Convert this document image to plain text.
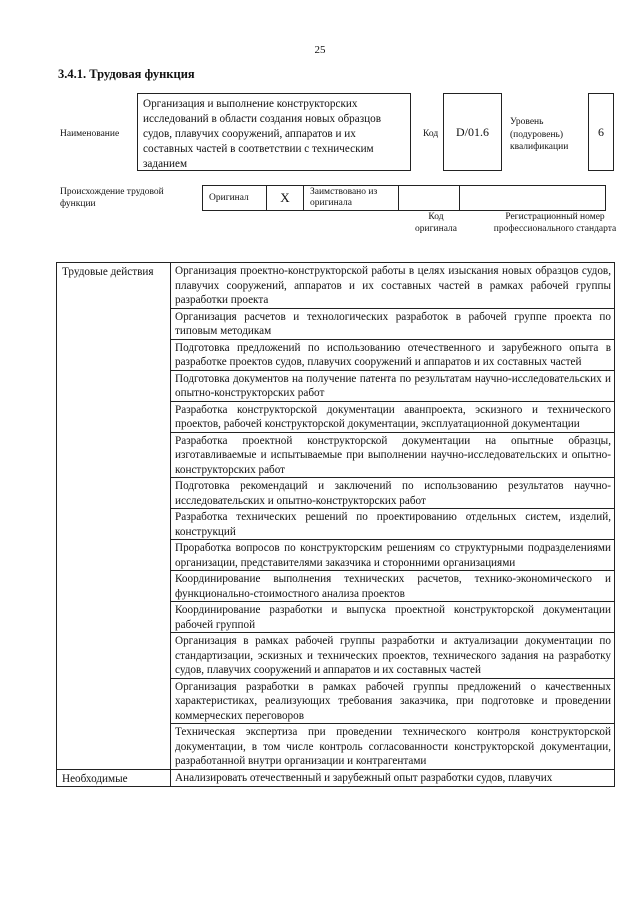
25
3.4.1. Трудовая функция
Наименование
Организация и выполнение конструкторских исследований в области создания новых образцов судов, плавучих сооружений, аппаратов и их составных частей в соответствии с техническим заданием
Код	D/01.6
Уровень (подуровень) квалификации
6
Происхождение трудовой функции
Оригинал	X	Заимствовано из оригинала
Код оригинала
Регистрационный номер профессионального стандарта
Трудовые действия	Организация проектно-конструкторской работы в целях изыскания новых образцов судов, плавучих сооружений, аппаратов и их составных частей в рамках рабочей группы разработки проекта
	Организация расчетов и технологических разработок в рабочей группе проекта по типовым методикам
	Подготовка предложений по использованию отечественного и зарубежного опыта в разработке проектов судов, плавучих сооружений и аппаратов и их составных частей
	Подготовка документов на получение патента по результатам научно-исследовательских и опытно-конструкторских работ
	Разработка конструкторской документации аванпроекта, эскизного и технического проектов, рабочей конструкторской документации, эксплуатационной документации
	Разработка проектной конструкторской документации на опытные образцы, изготавливаемые и испытываемые при выполнении научно-исследовательских и опытно-конструкторских работ
	Подготовка рекомендаций и заключений по использованию результатов научно-исследовательских и опытно-конструкторских работ
	Разработка технических решений по проектированию отдельных систем, изделий, конструкций
	Проработка вопросов по конструкторским решениям со структурными подразделениями организации, представителями заказчика и сторонними организациями
	Координирование выполнения технических расчетов, технико-экономического и функционально-стоимостного анализа проектов
	Координирование разработки и выпуска проектной конструкторской документации рабочей группой
	Организация в рамках рабочей группы разработки и актуализации документации по стандартизации, эскизных и технических проектов, технического задания на разработку судов, плавучих сооружений и аппаратов и их составных частей
	Организация разработки в рамках рабочей группы предложений о качественных характеристиках, реализующих требования заказчика, при подготовке и проведении коммерческих переговоров
	Техническая экспертиза при проведении технического контроля конструкторской документации, в том числе контроль согласованности конструкторской документации, разработанной внутри организации и контрагентами
Необходимые	Анализировать отечественный и зарубежный опыт разработки судов, плавучих
